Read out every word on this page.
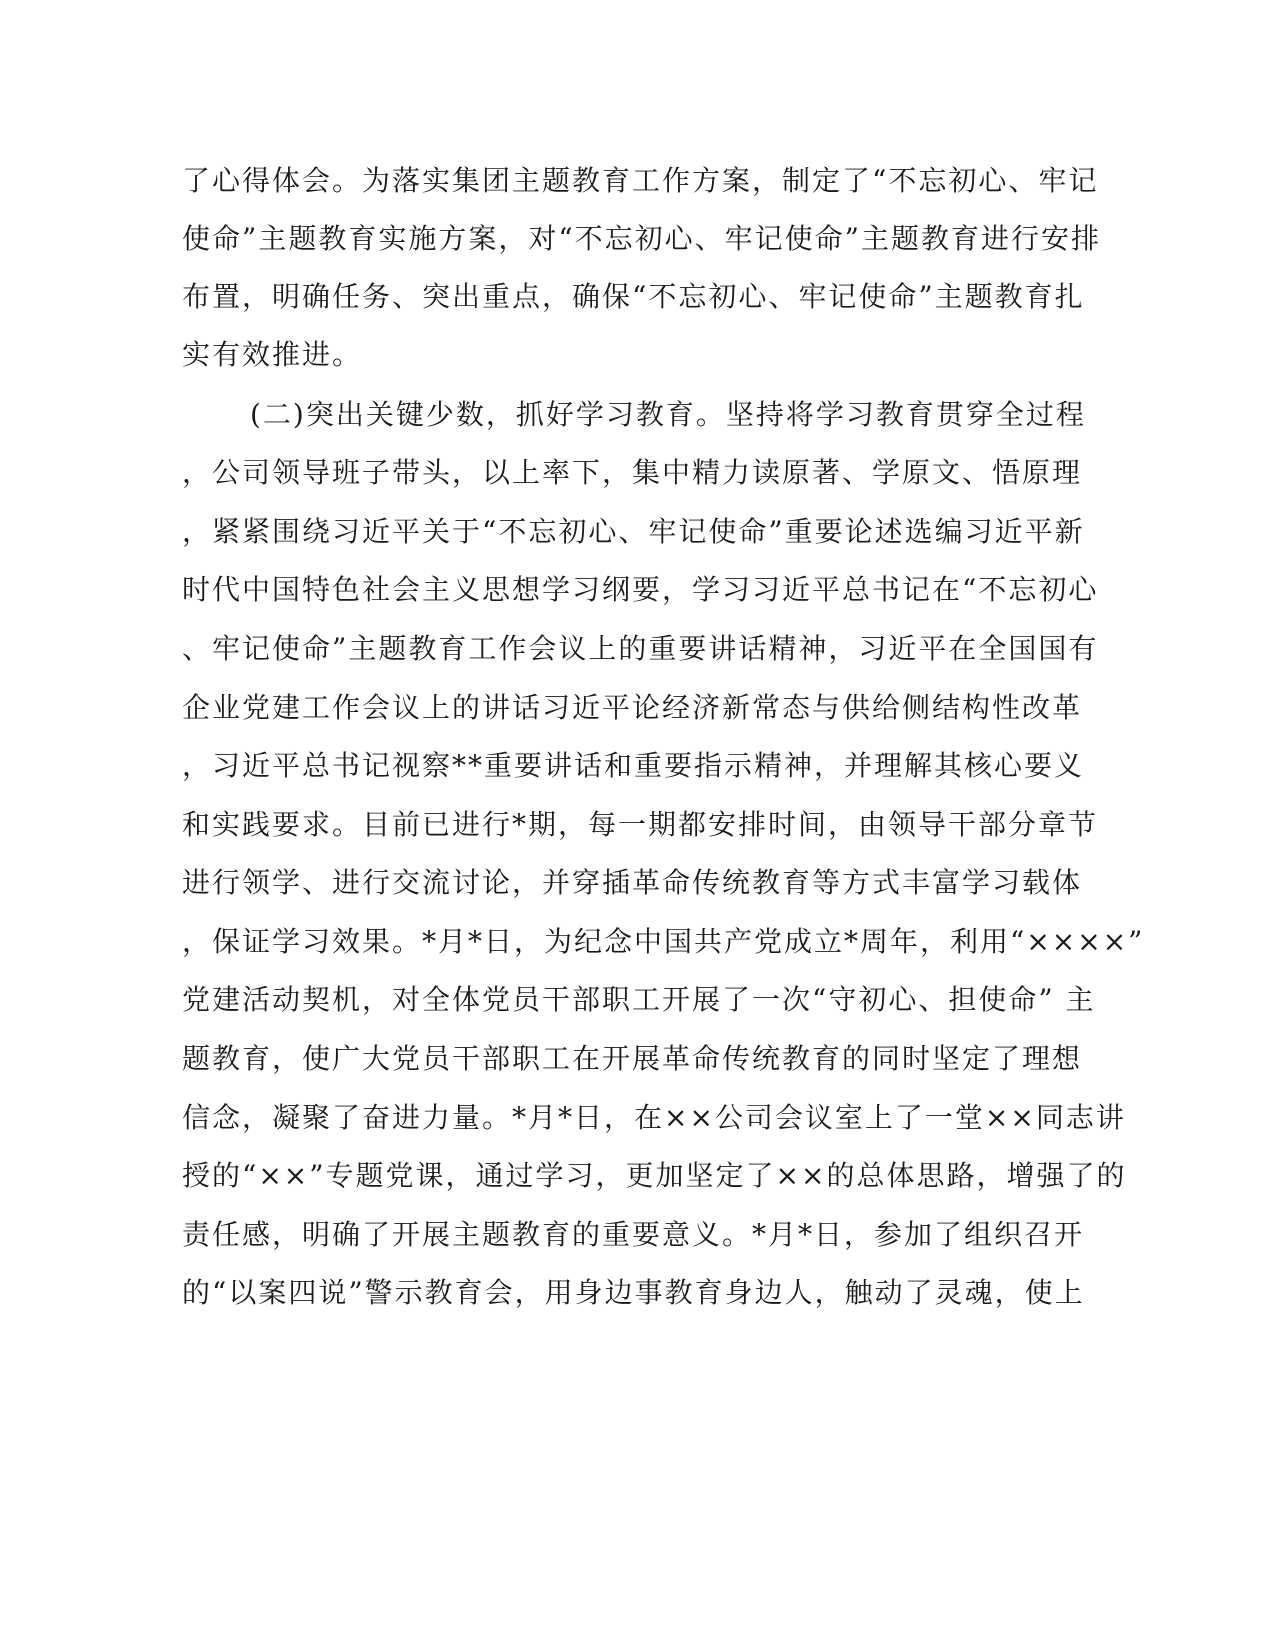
了心得体会。为落实集团主题教育工作方案，制定了“不忘初心、牢记
使命”主题教育实施方案，对“不忘初心、牢记使命”主题教育进行安排
布置，明确任务、突出重点，确保“不忘初心、牢记使命”主题教育扎
实有效推进。
(二)突出关键少数，抓好学习教育。坚持将学习教育贯穿全过程
，公司领导班子带头，以上率下，集中精力读原著、学原文、悟原理
，紧紧围绕习近平关于“不忘初心、牢记使命”重要论述选编习近平新
时代中国特色社会主义思想学习纲要，学习习近平总书记在“不忘初心
、牢记使命”主题教育工作会议上的重要讲话精神，习近平在全国国有
企业党建工作会议上的讲话习近平论经济新常态与供给侧结构性改革
，习近平总书记视察**重要讲话和重要指示精神，并理解其核心要义
和实践要求。目前已进行*期，每一期都安排时间，由领导干部分章节
进行领学、进行交流讨论，并穿插革命传统教育等方式丰富学习载体
，保证学习效果。*月*日，为纪念中国共产党成立*周年，利用“××××”
党建活动契机，对全体党员干部职工开展了一次“守初心、担使命” 主
题教育，使广大党员干部职工在开展革命传统教育的同时坚定了理想
信念，凝聚了奋进力量。*月*日，在××公司会议室上了一堂××同志讲
授的“××”专题党课，通过学习，更加坚定了××的总体思路，增强了的
责任感，明确了开展主题教育的重要意义。*月*日，参加了组织召开
的“以案四说”警示教育会，用身边事教育身边人，触动了灵魂，使上
